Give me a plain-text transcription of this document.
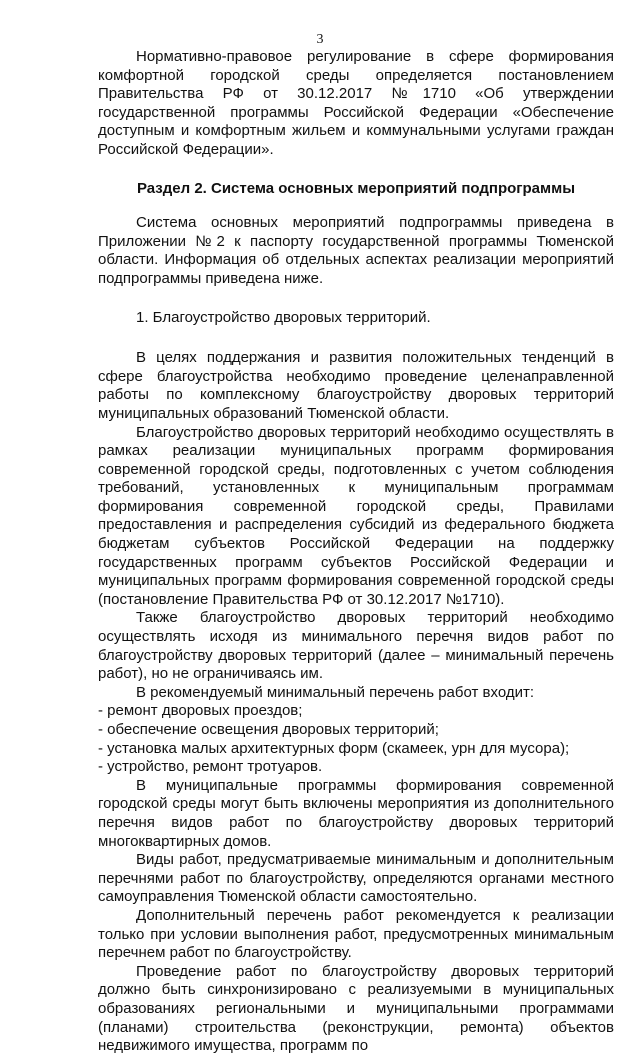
3

Нормативно-правовое регулирование в сфере формирования комфортной городской среды определяется постановлением Правительства РФ от 30.12.2017 №1710 «Об утверждении государственной программы Российской Федерации «Обеспечение доступным и комфортным жильем и коммунальными услугами граждан Российской Федерации».

Раздел 2. Система основных мероприятий подпрограммы

Система основных мероприятий подпрограммы приведена в Приложении №2 к паспорту государственной программы Тюменской области. Информация об отдельных аспектах реализации мероприятий подпрограммы приведена ниже.

1. Благоустройство дворовых территорий.

В целях поддержания и развития положительных тенденций в сфере благоустройства необходимо проведение целенаправленной работы по комплексному благоустройству дворовых территорий муниципальных образований Тюменской области.

Благоустройство дворовых территорий необходимо осуществлять в рамках реализации муниципальных программ формирования современной городской среды, подготовленных с учетом соблюдения требований, установленных к муниципальным программам формирования современной городской среды, Правилами предоставления и распределения субсидий из федерального бюджета бюджетам субъектов Российской Федерации на поддержку государственных программ субъектов Российской Федерации и муниципальных программ формирования современной городской среды (постановление Правительства РФ от 30.12.2017 №1710).

Также благоустройство дворовых территорий необходимо осуществлять исходя из минимального перечня видов работ по благоустройству дворовых территорий (далее – минимальный перечень работ), но не ограничиваясь им.

В рекомендуемый минимальный перечень работ входит:

- ремонт дворовых проездов;

- обеспечение освещения дворовых территорий;

- установка малых архитектурных форм (скамеек, урн для мусора);

- устройство, ремонт тротуаров.

В муниципальные программы формирования современной городской среды могут быть включены мероприятия из дополнительного перечня видов работ по благоустройству дворовых территорий многоквартирных домов.

Виды работ, предусматриваемые минимальным и дополнительным перечнями работ по благоустройству, определяются органами местного самоуправления Тюменской области самостоятельно.

Дополнительный перечень работ рекомендуется к реализации только при условии выполнения работ, предусмотренных минимальным перечнем работ по благоустройству.

Проведение работ по благоустройству дворовых территорий должно быть синхронизировано с реализуемыми в муниципальных образованиях региональными и муниципальными программами (планами) строительства (реконструкции, ремонта) объектов недвижимого имущества, программ по
